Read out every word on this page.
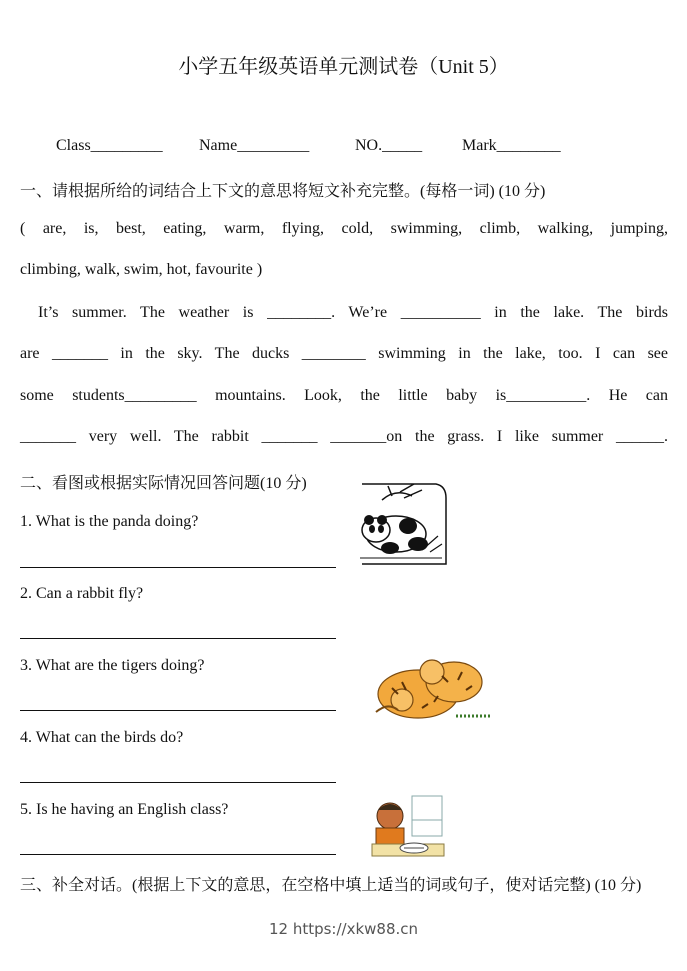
小学五年级英语单元测试卷（Unit 5）
Class_________ Name_________	NO._____ Mark________
一、请根据所给的词结合上下文的意思将短文补充完整。(每格一词) (10 分)
( are, is, best, eating, warm, flying, cold, swimming, climb, walking, jumping,
climbing, walk, swim, hot, favourite )
It’s summer. The weather is ________. We’re __________ in the lake. The birds
are _______ in the sky. The ducks ________ swimming in the lake, too. I can see
some students_________ mountains. Look, the little baby is__________. He can
_______ very well. The rabbit _______ _______on the grass. I like summer ______.
二、看图或根据实际情况回答问题(10 分)
1. What is the panda doing?
2. Can a rabbit fly?
3. What are the tigers doing?
4. What can the birds do?
5. Is he having an English class?
三、补全对话。(根据上下文的意思，在空格中填上适当的词或句子，使对话完整) (10 分)
12 https://xkw88.cn
